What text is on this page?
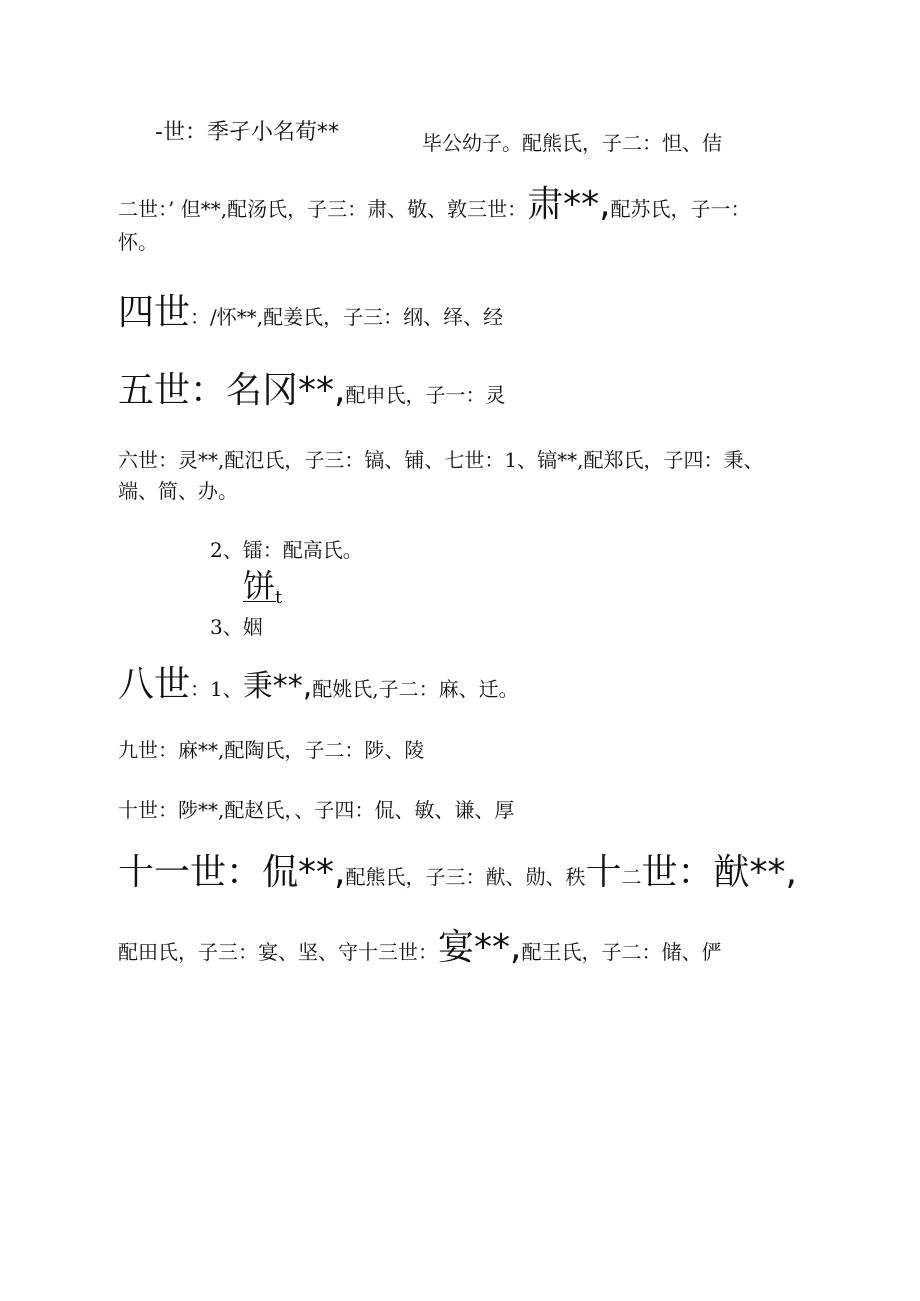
-世：季孑小名荀**	毕公幼子。配熊氏，子二：怛、佶
二世：’ 但**,配汤氏，子三：肃、敬、敦三世：肃**,配苏氏，子一：
怀。
四世：/怀**,配姜氏，子三：纲、绎、经
五世：名冈**,配申氏，子一：灵
六世：灵**,配氾氏，子三：镐、铺、七世：1、镐**,配郑氏，子四：秉、
端、简、办。
2、镭：配高氏。
饼t
3、姻
八世：1、秉**,配姚氏,子二：麻、迁。
九世：麻**,配陶氏，子二：陟、陵
十世：陟**,配赵氏，、子四：侃、敏、谦、厚
十一世：侃**,配熊氏，子三：猷、勋、秩十二世：猷**,
配田氏，子三：宴、坚、守十三世：宴**,配王氏，子二：储、俨
